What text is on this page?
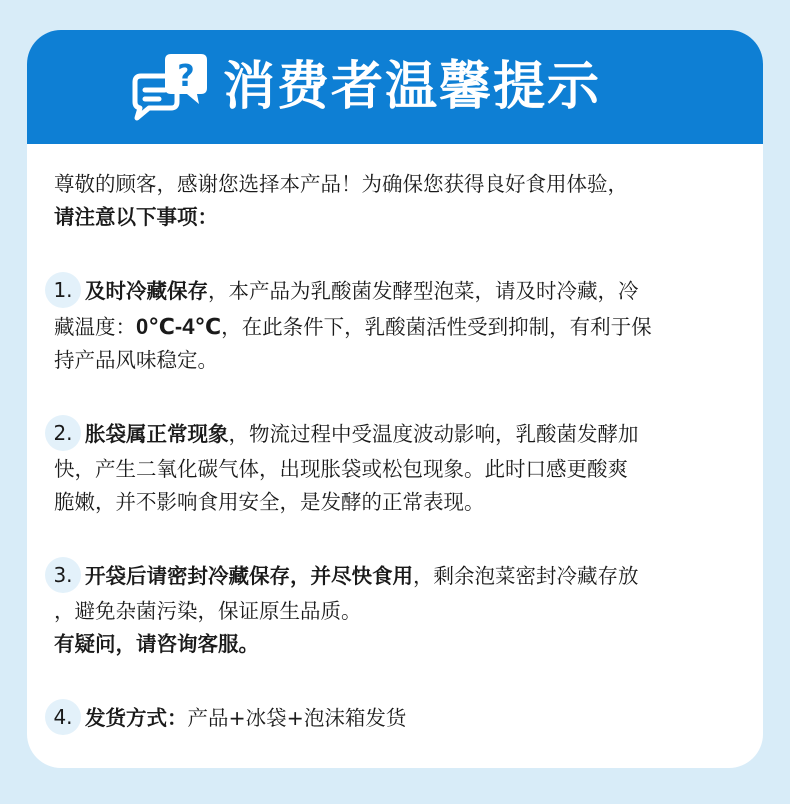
? 消费者温馨提示

尊敬的顾客，感谢您选择本产品！为确保您获得良好食用体验，
请注意以下事项：

1. 及时冷藏保存，本产品为乳酸菌发酵型泡菜，请及时冷藏，冷
藏温度：0℃-4℃，在此条件下，乳酸菌活性受到抑制，有利于保
持产品风味稳定。
2. 胀袋属正常现象，物流过程中受温度波动影响，乳酸菌发酵加
快，产生二氧化碳气体，出现胀袋或松包现象。此时口感更酸爽
脆嫩，并不影响食用安全，是发酵的正常表现。
3. 开袋后请密封冷藏保存，并尽快食用，剩余泡菜密封冷藏存放
，避免杂菌污染，保证原生品质。
有疑问，请咨询客服。
4. 发货方式：产品+冰袋+泡沫箱发货
